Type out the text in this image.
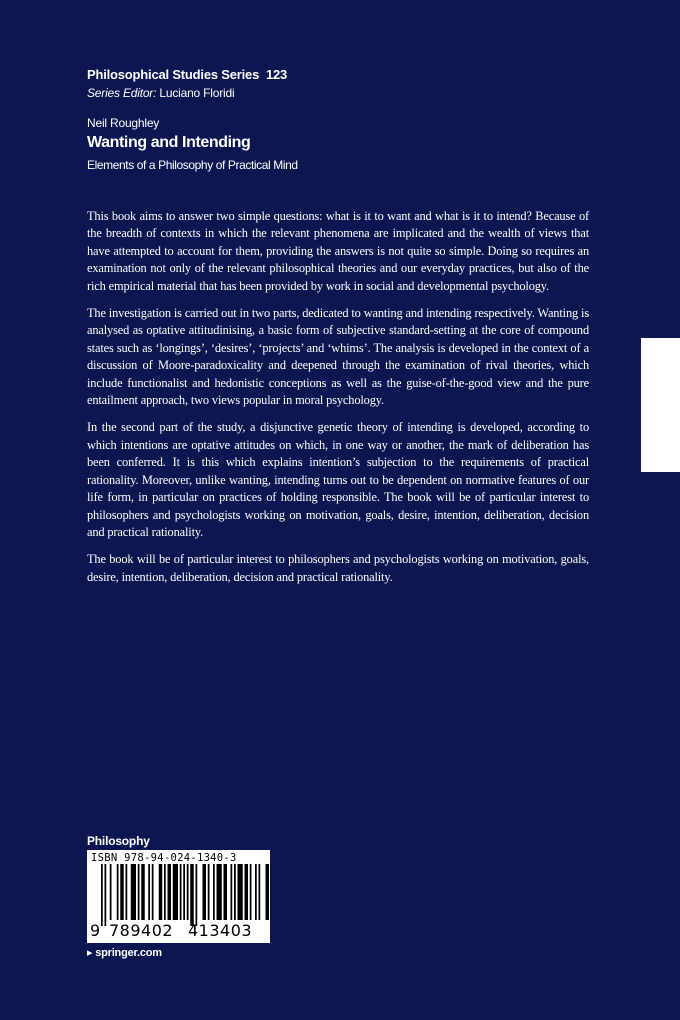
Philosophical Studies Series 123
Series Editor: Luciano Floridi
Neil Roughley
Wanting and Intending
Elements of a Philosophy of Practical Mind

This book aims to answer two simple questions: what is it to want and what is it to intend? Because of the breadth of contexts in which the relevant phenomena are implicated and the wealth of views that have attempted to account for them, providing the answers is not quite so simple. Doing so requires an examination not only of the relevant philosophical theories and our everyday practices, but also of the rich empirical material that has been provided by work in social and developmental psychology.

The investigation is carried out in two parts, dedicated to wanting and intending respectively. Wanting is analysed as optative attitudinising, a basic form of subjective standard-setting at the core of compound states such as ‘longings’, ‘desires’, ‘projects’ and ‘whims’. The analysis is developed in the context of a discussion of Moore-paradoxicality and deepened through the examination of rival theories, which include functionalist and hedonistic conceptions as well as the guise-of-the-good view and the pure entailment approach, two views popular in moral psychology.

In the second part of the study, a disjunctive genetic theory of intending is developed, according to which intentions are optative attitudes on which, in one way or another, the mark of deliberation has been conferred. It is this which explains intention’s subjection to the requirements of practical rationality. Moreover, unlike wanting, intending turns out to be dependent on normative features of our life form, in particular on practices of holding responsible. The book will be of particular interest to philosophers and psychologists working on motivation, goals, desire, intention, deliberation, decision and practical rationality.

The book will be of particular interest to philosophers and psychologists working on motivation, goals, desire, intention, deliberation, decision and practical rationality.

Philosophy
ISBN 978-94-024-1340-3
9 789402 413403
▸ springer.com
